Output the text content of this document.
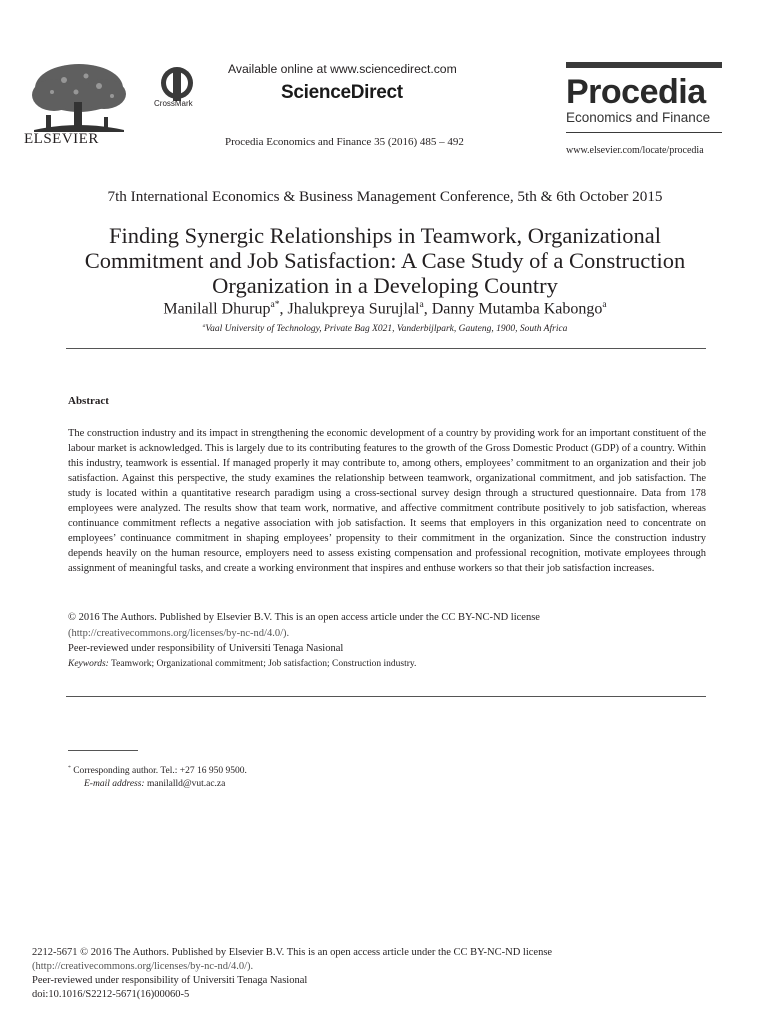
ELSEVIER
CrossMark
Available online at www.sciencedirect.com
ScienceDirect
Procedia Economics and Finance 35 (2016) 485 – 492
Procedia
Economics and Finance
www.elsevier.com/locate/procedia
7th International Economics & Business Management Conference, 5th & 6th October 2015
Finding Synergic Relationships in Teamwork, Organizational
Commitment and Job Satisfaction: A Case Study of a Construction
Organization in a Developing Country
Manilall Dhurup$^{a*}$, Jhalukpreya Surujlal$^a$, Danny Mutamba Kabongo$^a$
$^a$Vaal University of Technology, Private Bag X021, Vanderbijlpark, Gauteng, 1900, South Africa
Abstract
The construction industry and its impact in strengthening the economic development of a country by providing work for an important constituent of the labour market is acknowledged. This is largely due to its contributing features to the growth of the Gross Domestic Product (GDP) of a country. Within this industry, teamwork is essential. If managed properly it may contribute to, among others, employees’ commitment to an organization and their job satisfaction. Against this perspective, the study examines the relationship between teamwork, organizational commitment, and job satisfaction. The study is located within a quantitative research paradigm using a cross-sectional survey design through a structured questionnaire. Data from 178 employees were analyzed. The results show that team work, normative, and affective commitment contribute positively to job satisfaction, whereas continuance commitment reflects a negative association with job satisfaction. It seems that employers in this organization need to concentrate on employees’ continuance commitment in shaping employees’ propensity to their commitment in the organization. Since the construction industry depends heavily on the human resource, employers need to assess existing compensation and professional recognition, motivate employees through assignment of meaningful tasks, and create a working environment that inspires and enthuse workers so that their job satisfaction increases.
© 2016 The Authors. Published by Elsevier B.V. This is an open access article under the CC BY-NC-ND license
(http://creativecommons.org/licenses/by-nc-nd/4.0/).
Peer-reviewed under responsibility of Universiti Tenaga Nasional
Keywords: Teamwork; Organizational commitment; Job satisfaction; Construction industry.
* Corresponding author. Tel.: +27 16 950 9500.
E-mail address: manilalld@vut.ac.za
2212-5671 © 2016 The Authors. Published by Elsevier B.V. This is an open access article under the CC BY-NC-ND license
(http://creativecommons.org/licenses/by-nc-nd/4.0/).
Peer-reviewed under responsibility of Universiti Tenaga Nasional
doi:10.1016/S2212-5671(16)00060-5
